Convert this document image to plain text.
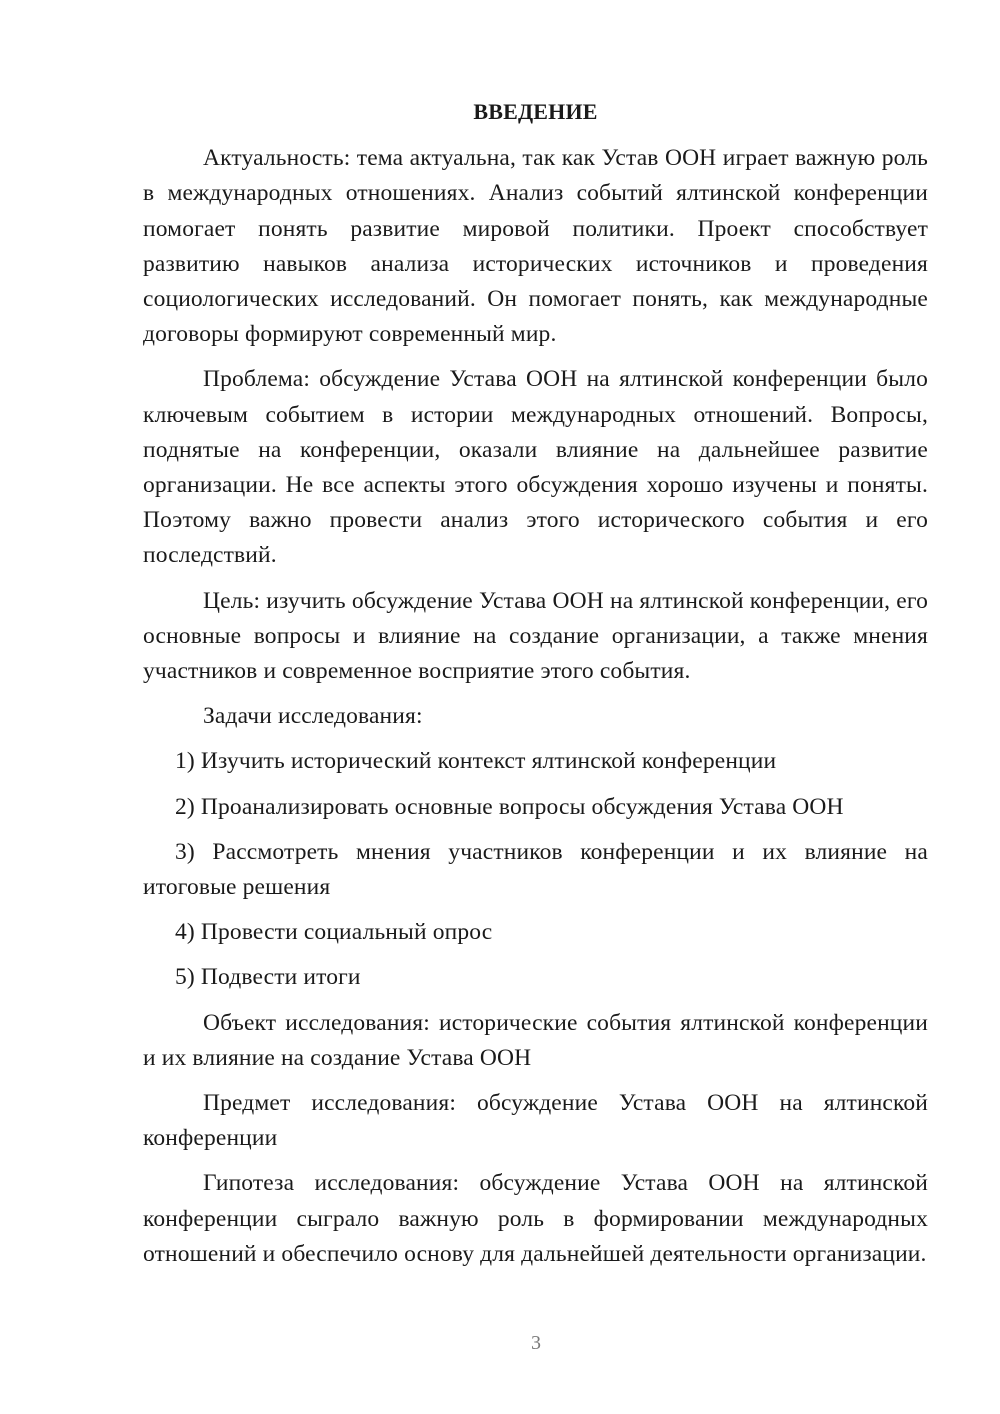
ВВЕДЕНИЕ

Актуальность: тема актуальна, так как Устав ООН играет важную роль в международных отношениях. Анализ событий ялтинской конференции помогает понять развитие мировой политики. Проект способствует развитию навыков анализа исторических источников и проведения социологических исследований. Он помогает понять, как международные договоры формируют современный мир.

Проблема: обсуждение Устава ООН на ялтинской конференции было ключевым событием в истории международных отношений. Вопросы, поднятые на конференции, оказали влияние на дальнейшее развитие организации. Не все аспекты этого обсуждения хорошо изучены и поняты. Поэтому важно провести анализ этого исторического события и его последствий.

Цель: изучить обсуждение Устава ООН на ялтинской конференции, его основные вопросы и влияние на создание организации, а также мнения участников и современное восприятие этого события.

Задачи исследования:

1) Изучить исторический контекст ялтинской конференции

2) Проанализировать основные вопросы обсуждения Устава ООН

3) Рассмотреть мнения участников конференции и их влияние на итоговые решения

4) Провести социальный опрос

5) Подвести итоги

Объект исследования: исторические события ялтинской конференции и их влияние на создание Устава ООН

Предмет исследования: обсуждение Устава ООН на ялтинской конференции

Гипотеза исследования: обсуждение Устава ООН на ялтинской конференции сыграло важную роль в формировании международных отношений и обеспечило основу для дальнейшей деятельности организации.

3
